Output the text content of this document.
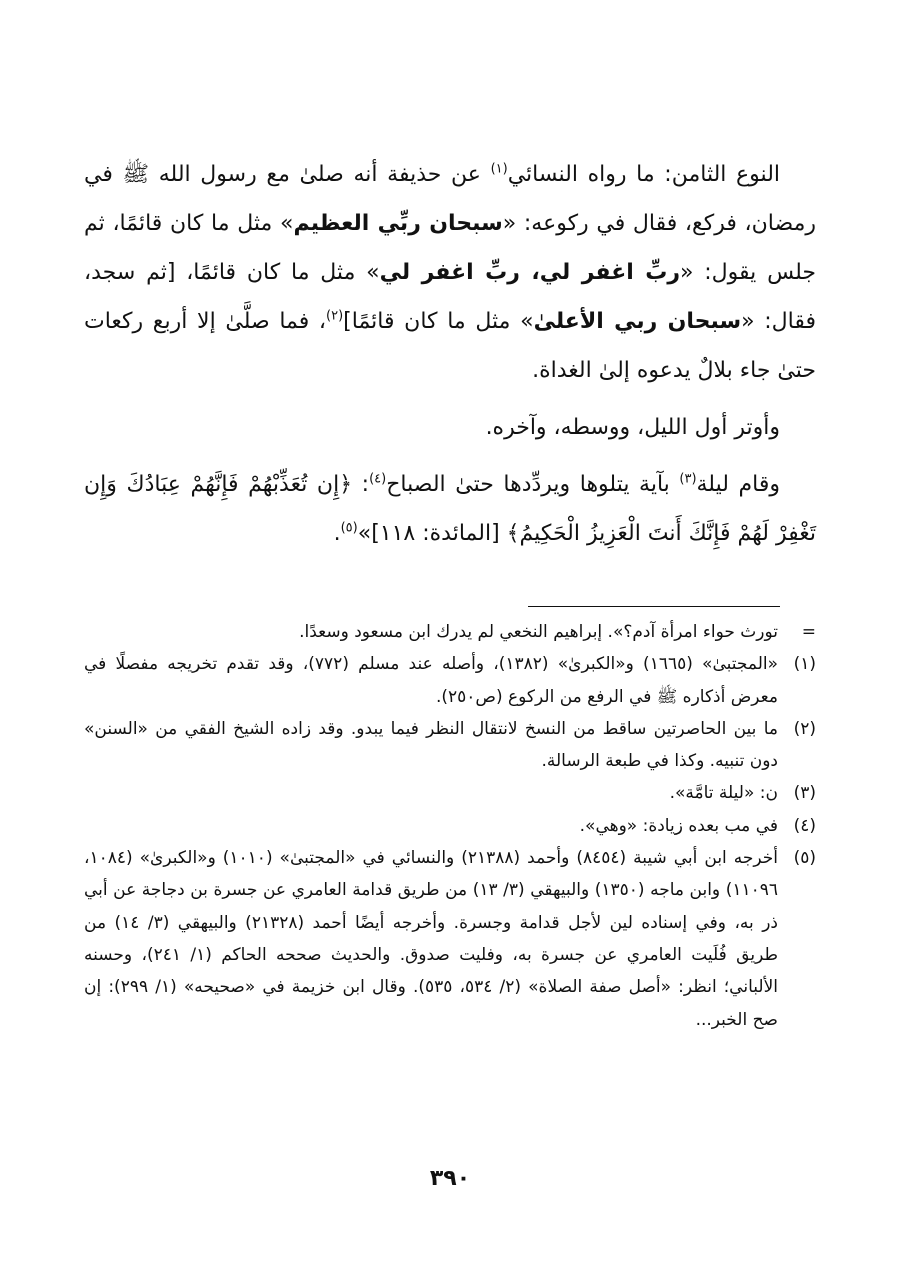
النوع الثامن: ما رواه النسائي$^{(١)}$ عن حذيفة أنه صلىٰ مع رسول الله ﷺ في رمضان، فركع، فقال في ركوعه: «سبحان ربِّي العظيم» مثل ما كان قائمًا، ثم جلس يقول: «ربِّ اغفر لي، ربِّ اغفر لي» مثل ما كان قائمًا، [ثم سجد، فقال: «سبحان ربي الأعلىٰ» مثل ما كان قائمًا]$^{(٢)}$، فما صلَّىٰ إلا أربع ركعات حتىٰ جاء بلالٌ يدعوه إلىٰ الغداة.

وأوتر أول الليل، ووسطه، وآخره.

وقام ليلة$^{(٣)}$ بآية يتلوها ويردِّدها حتىٰ الصباح$^{(٤)}$: ﴿إِن تُعَذِّبْهُمْ فَإِنَّهُمْ عِبَادُكَ وَإِن تَغْفِرْ لَهُمْ فَإِنَّكَ أَنتَ الْعَزِيزُ الْحَكِيمُ﴾ [المائدة: ١١٨]»$^{(٥)}$.

=
تورث حواء امرأة آدم؟». إبراهيم النخعي لم يدرك ابن مسعود وسعدًا.
(١)
«المجتبىٰ» (١٦٦٥) و«الكبرىٰ» (١٣٨٢)، وأصله عند مسلم (٧٧٢)، وقد تقدم تخريجه مفصلًا في معرض أذكاره ﷺ في الرفع من الركوع (ص٢٥٠).
(٢)
ما بين الحاصرتين ساقط من النسخ لانتقال النظر فيما يبدو. وقد زاده الشيخ الفقي من «السنن» دون تنبيه. وكذا في طبعة الرسالة.
(٣)
ن: «ليلة تامَّة».
(٤)
في مب بعده زيادة: «وهي».
(٥)
أخرجه ابن أبي شيبة (٨٤٥٤) وأحمد (٢١٣٨٨) والنسائي في «المجتبىٰ» (١٠١٠) و«الكبرىٰ» (١٠٨٤، ١١٠٩٦) وابن ماجه (١٣٥٠) والبيهقي (٣/ ١٣) من طريق قدامة العامري عن جسرة بن دجاجة عن أبي ذر به، وفي إسناده لين لأجل قدامة وجسرة. وأخرجه أيضًا أحمد (٢١٣٢٨) والبيهقي (٣/ ١٤) من طريق فُلَيت العامري عن جسرة به، وفليت صدوق. والحديث صححه الحاكم (١/ ٢٤١)، وحسنه الألباني؛ انظر: «أصل صفة الصلاة» (٢/ ٥٣٤، ٥٣٥). وقال ابن خزيمة في «صحيحه» (١/ ٢٩٩): إن صح الخبر...
٣٩٠
